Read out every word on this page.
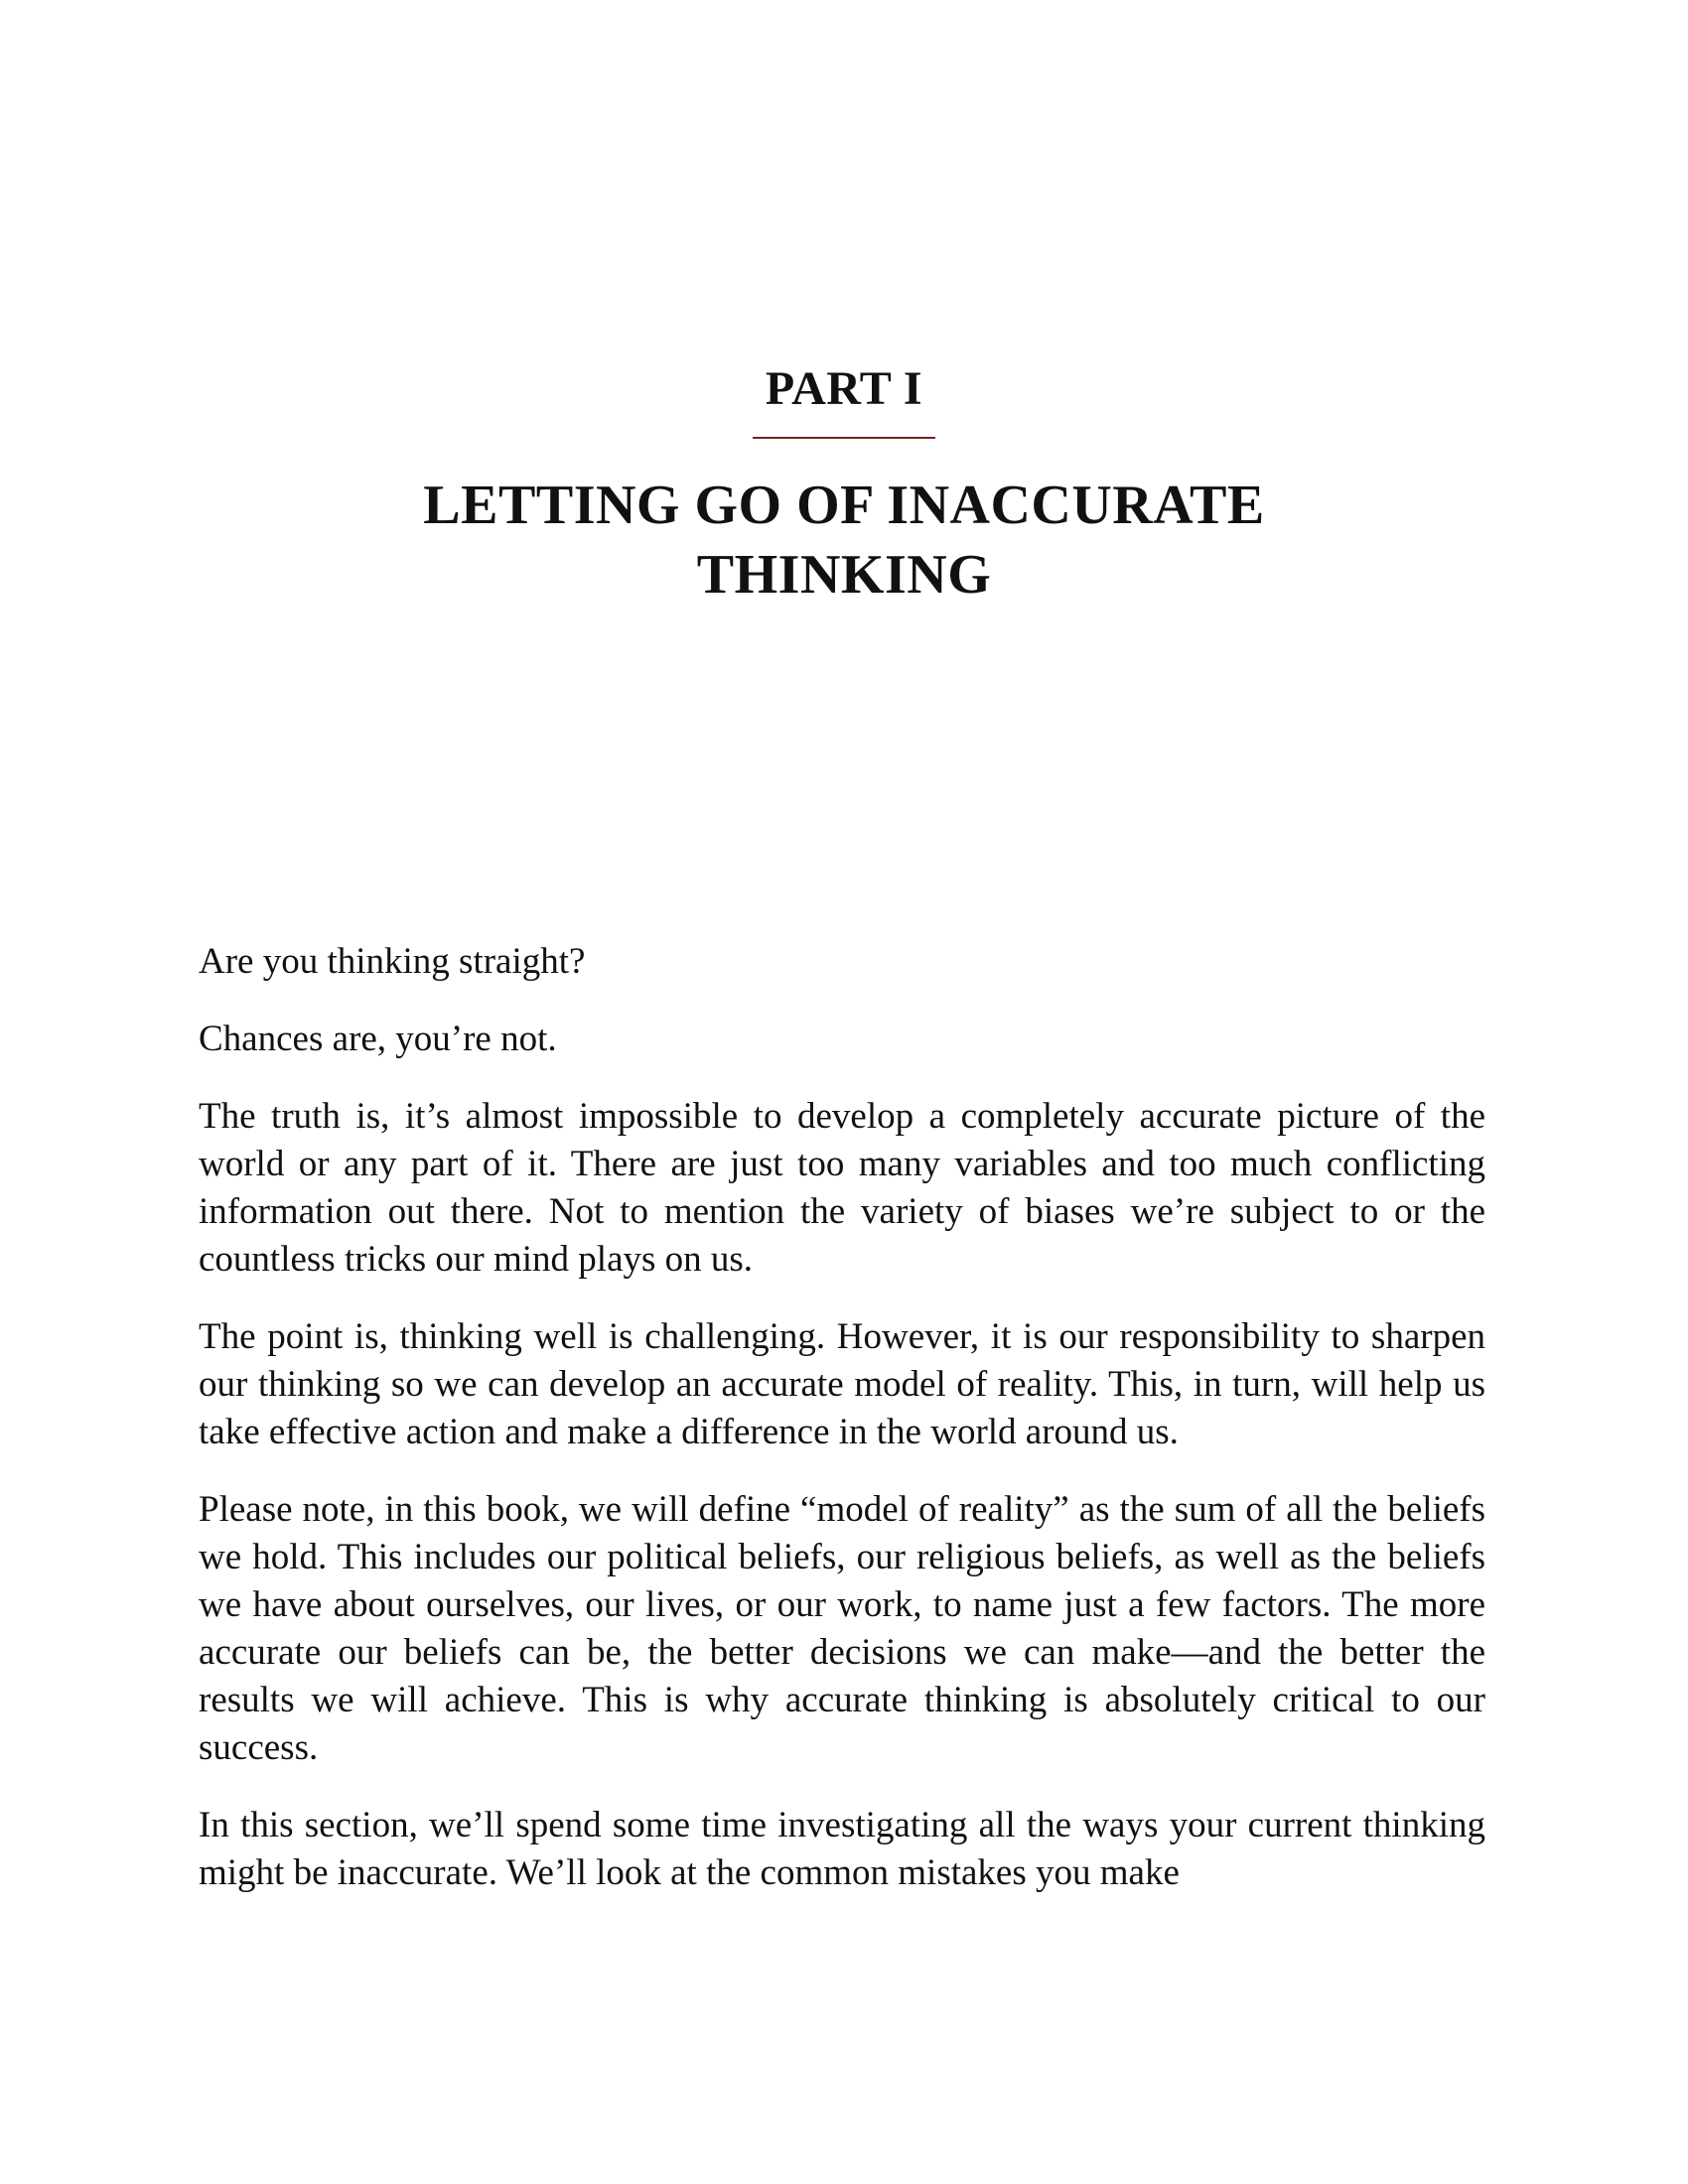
PART I
LETTING GO OF INACCURATE THINKING

Are you thinking straight?

Chances are, you’re not.

The truth is, it’s almost impossible to develop a completely accurate picture of the world or any part of it. There are just too many variables and too much conflicting information out there. Not to mention the variety of biases we’re subject to or the countless tricks our mind plays on us.

The point is, thinking well is challenging. However, it is our responsibility to sharpen our thinking so we can develop an accurate model of reality. This, in turn, will help us take effective action and make a difference in the world around us.

Please note, in this book, we will define “model of reality” as the sum of all the beliefs we hold. This includes our political beliefs, our religious beliefs, as well as the beliefs we have about ourselves, our lives, or our work, to name just a few factors. The more accurate our beliefs can be, the better decisions we can make—and the better the results we will achieve. This is why accurate thinking is absolutely critical to our success.

In this section, we’ll spend some time investigating all the ways your current thinking might be inaccurate. We’ll look at the common mistakes you make
